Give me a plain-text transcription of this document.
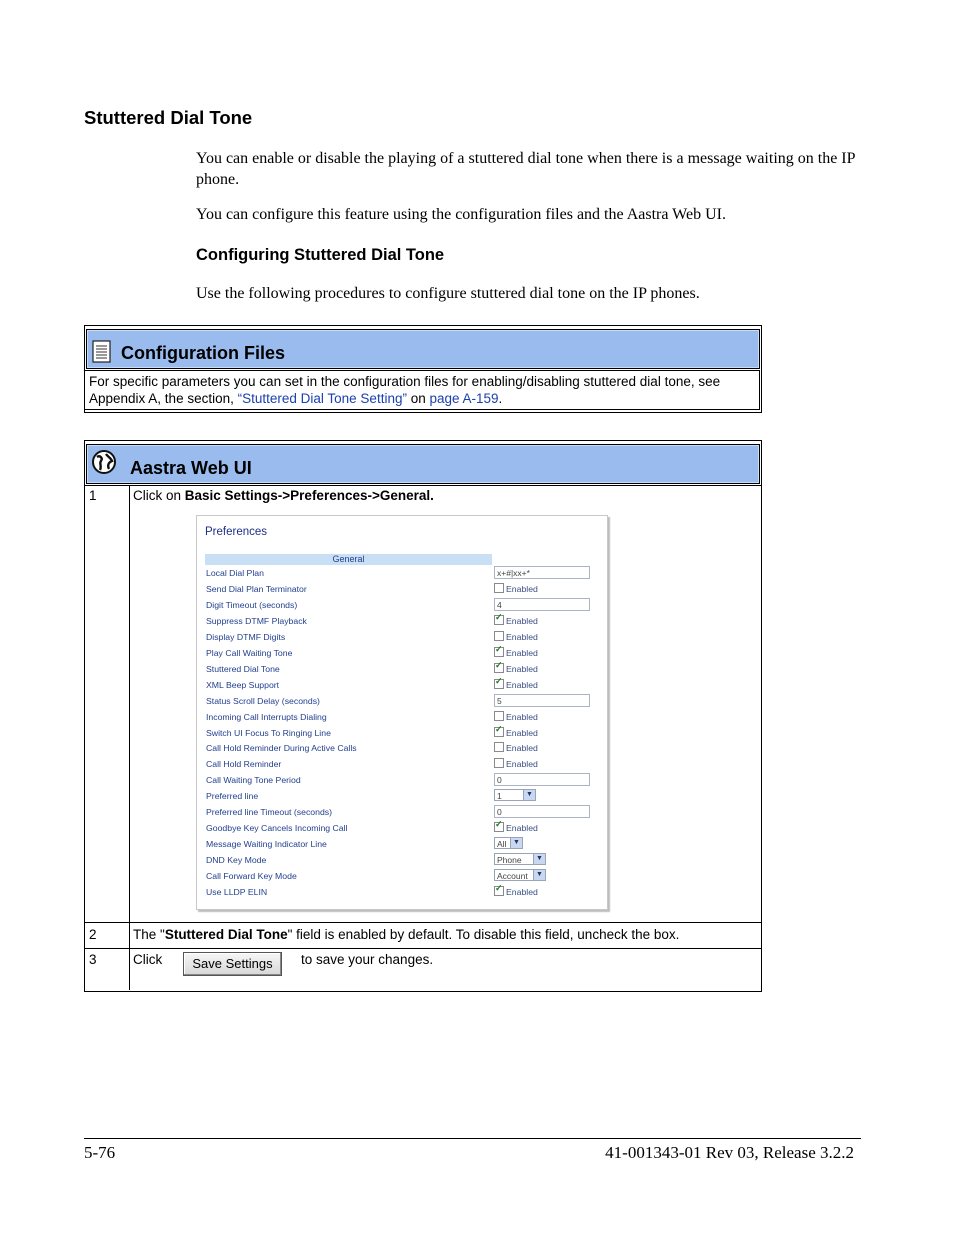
Stuttered Dial Tone
You can enable or disable the playing of a stuttered dial tone when there is a message waiting on the IP phone.
You can configure this feature using the configuration files and the Aastra Web UI.
Configuring Stuttered Dial Tone
Use the following procedures to configure stuttered dial tone on the IP phones.
Configuration Files
For specific parameters you can set in the configuration files for enabling/disabling stuttered dial tone, see Appendix A, the section, “Stuttered Dial Tone Setting” on page A-159.
Aastra Web UI
1	Click on Basic Settings->Preferences->General.
Preferences
General
Local Dial Plan	x+#|xx+*
Send Dial Plan Terminator	Enabled
Digit Timeout (seconds)	4
Suppress DTMF Playback ✓	Enabled
Display DTMF Digits	Enabled
Play Call Waiting Tone ✓	Enabled
Stuttered Dial Tone ✓	Enabled
XML Beep Support ✓	Enabled
Status Scroll Delay (seconds)	5
Incoming Call Interrupts Dialing	Enabled
Switch UI Focus To Ringing Line ✓	Enabled
Call Hold Reminder During Active Calls	Enabled
Call Hold Reminder	Enabled
Call Waiting Tone Period	0
Preferred line	1	▼
Preferred line Timeout (seconds)	0
Goodbye Key Cancels Incoming Call ✓	Enabled
Message Waiting Indicator Line	All ▼
DND Key Mode	Phone	▼
Call Forward Key Mode	Account	▼
Use LLDP ELIN ✓	Enabled
2	The "Stuttered Dial Tone" field is enabled by default. To disable this field, uncheck the box.
3	Click	Save Settings	to save your changes.
5-76	41-001343-01 Rev 03, Release 3.2.2
